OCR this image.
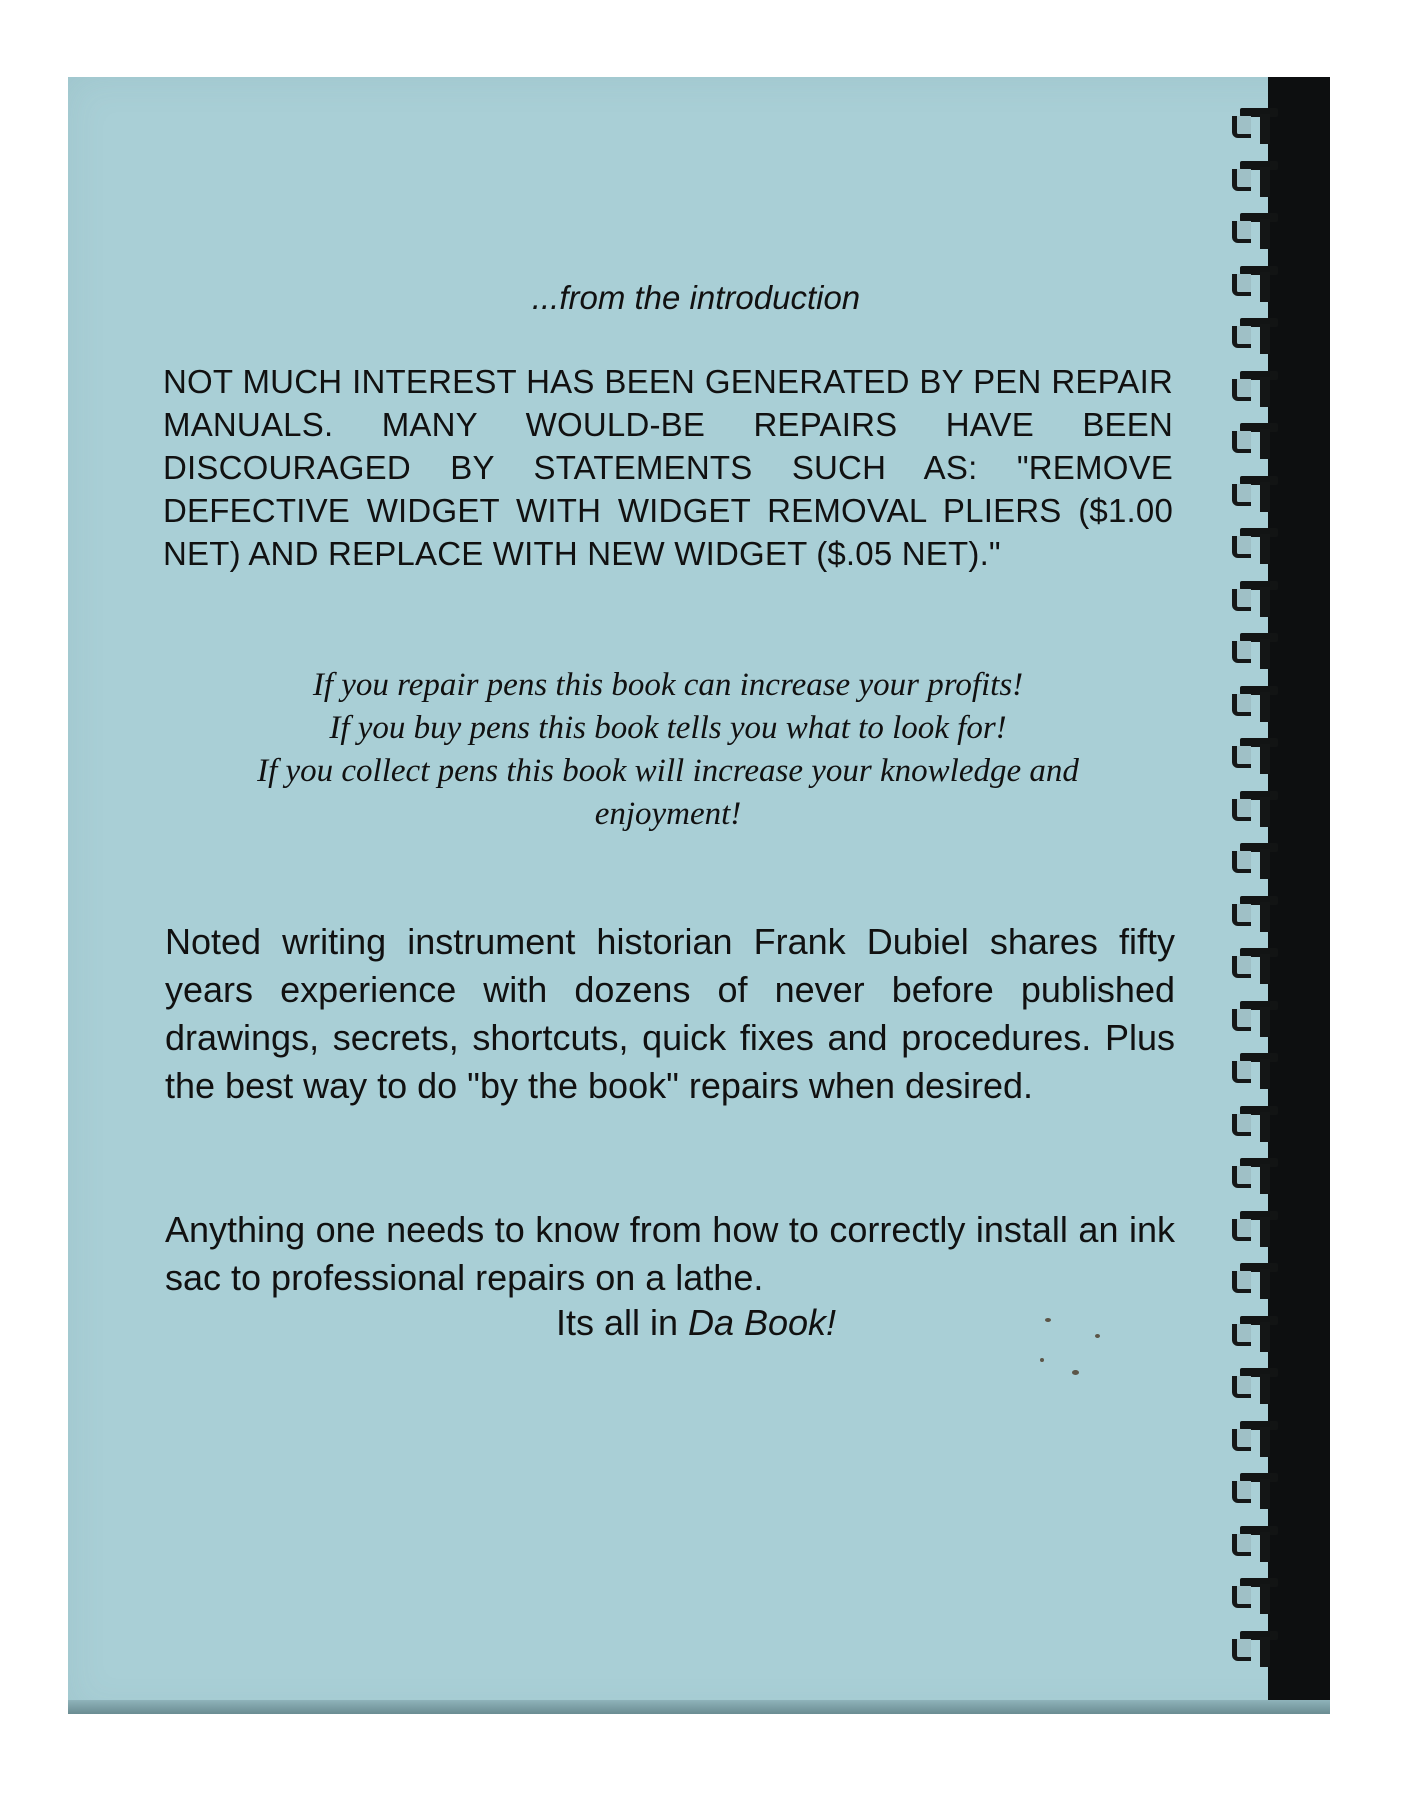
...from the introduction

NOT MUCH INTEREST HAS BEEN GENERATED BY PEN REPAIR MANUALS. MANY WOULD-BE REPAIRS HAVE BEEN DISCOURAGED BY STATEMENTS SUCH AS: "REMOVE DEFECTIVE WIDGET WITH WIDGET REMOVAL PLIERS ($1.00 NET) AND REPLACE WITH NEW WIDGET ($.05 NET)."

If you repair pens this book can increase your profits!
If you buy pens this book tells you what to look for!
If you collect pens this book will increase your knowledge and enjoyment!
Noted writing instrument historian Frank Dubiel shares fifty years experience with dozens of never before published drawings, secrets, shortcuts, quick fixes and procedures. Plus the best way to do "by the book" repairs when desired.
Anything one needs to know from how to correctly install an ink sac to professional repairs on a lathe.
Its all in Da Book!
